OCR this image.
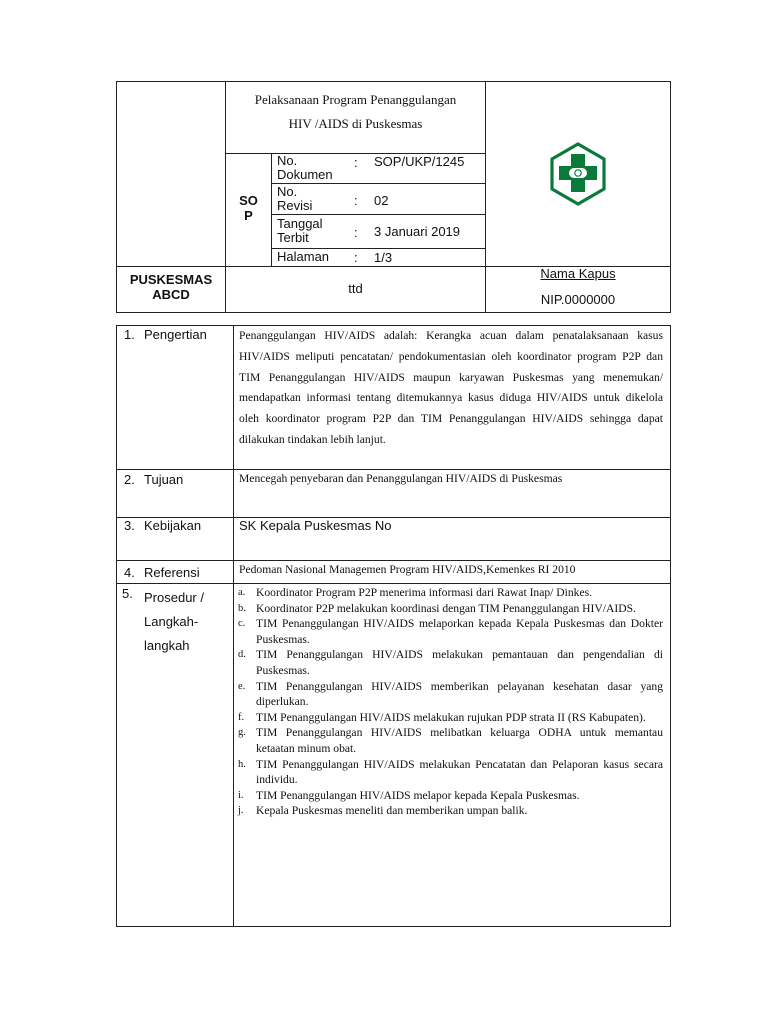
Pelaksanaan Program Penanggulangan
HIV /AIDS di Puskesmas
SO
P
No.
Dokumen
: SOP/UKP/1245
No.
Revisi	: 02
Tanggal
Terbit	: 3 Januari 2019
Halaman : 1/3
PUSKESMAS
ABCD	ttd
Nama Kapus
NIP.0000000
1. Pengertian	Penanggulangan HIV/AIDS adalah: Kerangka acuan dalam penatalaksanaan kasus HIV/AIDS meliputi pencatatan/ pendokumentasian oleh koordinator program P2P dan TIM Penanggulangan HIV/AIDS maupun karyawan Puskesmas yang menemukan/ mendapatkan informasi tentang ditemukannya kasus diduga HIV/AIDS untuk dikelola oleh koordinator program P2P dan TIM Penanggulangan HIV/AIDS sehingga dapat dilakukan tindakan lebih lanjut.
2. Tujuan	Mencegah penyebaran dan Penanggulangan HIV/AIDS di Puskesmas
3. Kebijakan	SK Kepala Puskesmas No
4. Referensi	Pedoman Nasional Managemen Program HIV/AIDS,Kemenkes RI 2010
5. Prosedur /
Langkah-
langkah
a. Koordinator Program P2P menerima informasi dari Rawat Inap/ Dinkes.
b. Koordinator P2P melakukan koordinasi dengan TIM Penanggulangan HIV/AIDS.
c. TIM Penanggulangan HIV/AIDS melaporkan kepada Kepala Puskesmas dan Dokter Puskesmas.
d. TIM Penanggulangan HIV/AIDS melakukan pemantauan dan pengendalian di Puskesmas.
e. TIM Penanggulangan HIV/AIDS memberikan pelayanan kesehatan dasar yang diperlukan.
f. TIM Penanggulangan HIV/AIDS melakukan rujukan PDP strata II (RS Kabupaten).
g. TIM Penanggulangan HIV/AIDS melibatkan keluarga ODHA untuk memantau ketaatan minum obat.
h. TIM Penanggulangan HIV/AIDS melakukan Pencatatan dan Pelaporan kasus secara individu.
i. TIM Penanggulangan HIV/AIDS melapor kepada Kepala Puskesmas.
j. Kepala Puskesmas meneliti dan memberikan umpan balik.
